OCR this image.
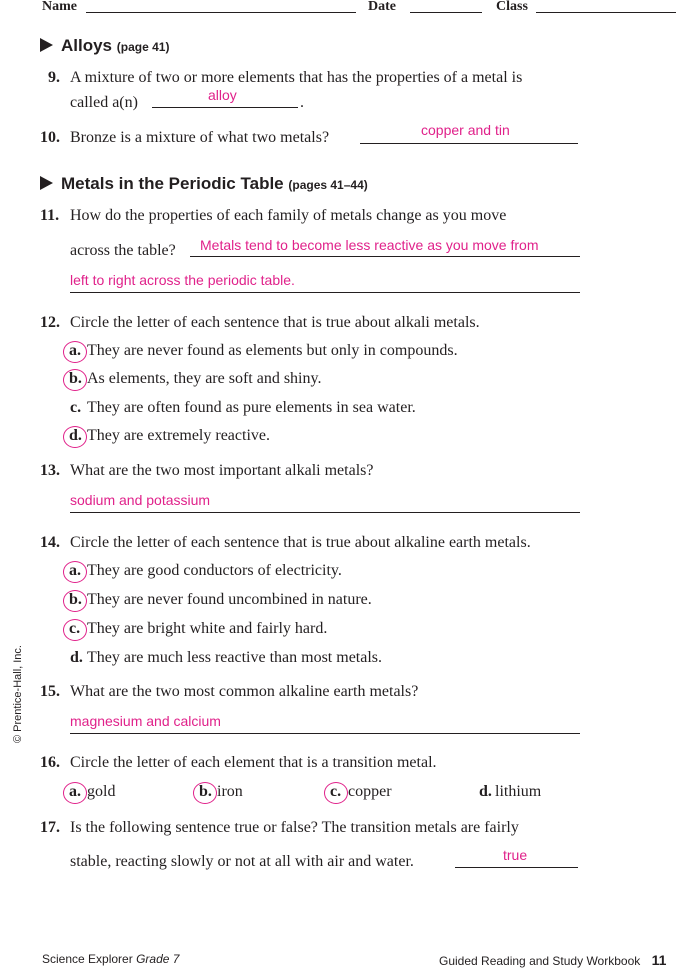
Name	Date	Class
Alloys (page 41)
9. A mixture of two or more elements that has the properties of a metal is
called a(n)	.
alloy
10. Bronze is a mixture of what two metals?	copper and tin
Metals in the Periodic Table (pages 41–44)
11. How do the properties of each family of metals change as you move
across the table? Metals tend to become less reactive as you move from
left to right across the periodic table.
12. Circle the letter of each sentence that is true about alkali metals.
a. They are never found as elements but only in compounds.
b. As elements, they are soft and shiny.
c. They are often found as pure elements in sea water.
d. They are extremely reactive.
13. What are the two most important alkali metals?
sodium and potassium
14. Circle the letter of each sentence that is true about alkaline earth metals.
a. They are good conductors of electricity.
b. They are never found uncombined in nature.
c. They are bright white and fairly hard.
d. They are much less reactive than most metals.
15. What are the two most common alkaline earth metals?
magnesium and calcium
16. Circle the letter of each element that is a transition metal.
a. gold	b. iron	c. copper	d. lithium
17. Is the following sentence true or false? The transition metals are fairly
stable, reacting slowly or not at all with air and water.	true
© Prentice-Hall, Inc.
Science Explorer Grade 7	Guided Reading and Study Workbook 11
